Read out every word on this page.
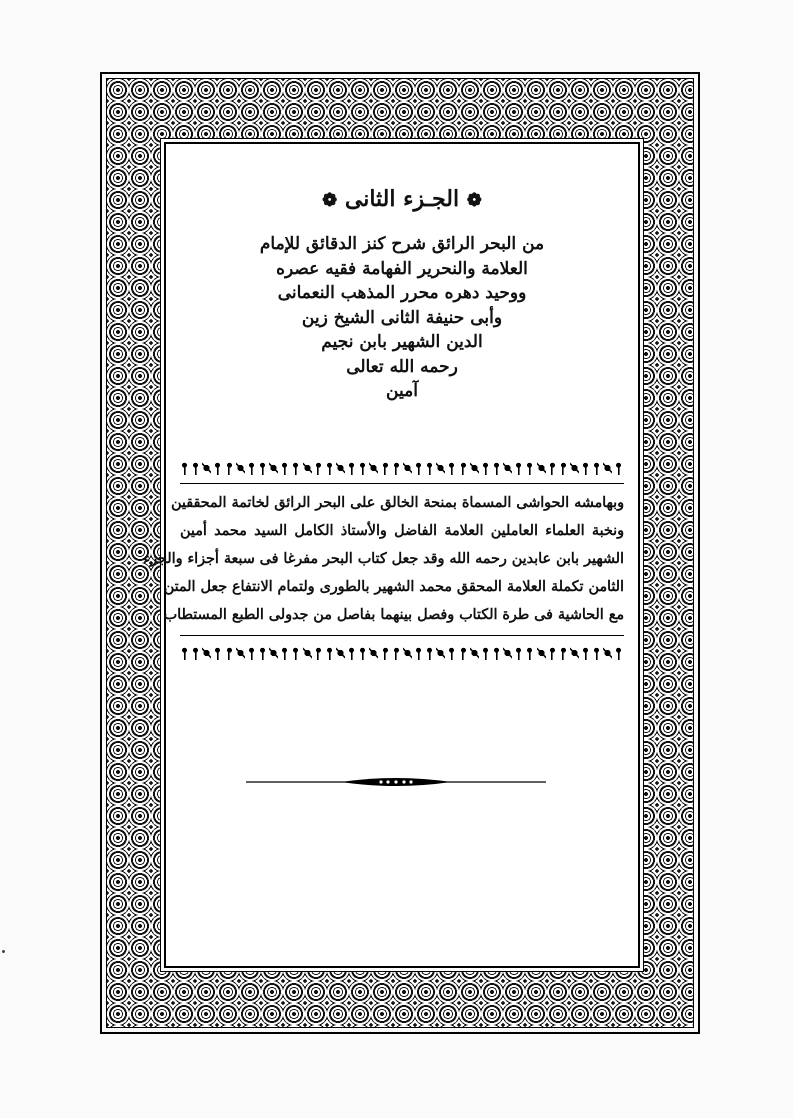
❁ الجـزء الثانى ❁
من البحر الرائق شرح كنز الدقائق للإمام
العلامة والنحرير الفهامة فقيه عصره
ووحيد دهره محرر المذهب النعمانى
وأبى حنيفة الثانى الشيخ زين
الدين الشهير بابن نجيم
رحمه الله تعالى
آمين
وبهامشه الحواشى المسماة بمنحة الخالق على البحر الرائق لخاتمة المحققين
ونخبة العلماء العاملين العلامة الفاضل والأستاذ الكامل السيد محمد أمين
الشهير بابن عابدين رحمه الله وقد جعل كتاب البحر مفرغا فى سبعة أجزاء والجزء
الثامن تكملة العلامة المحقق محمد الشهير بالطورى ولتمام الانتفاع جعل المتن
مع الحاشية فى طرة الكتاب وفصل بينهما بفاصل من جدولى الطبع المستطاب
